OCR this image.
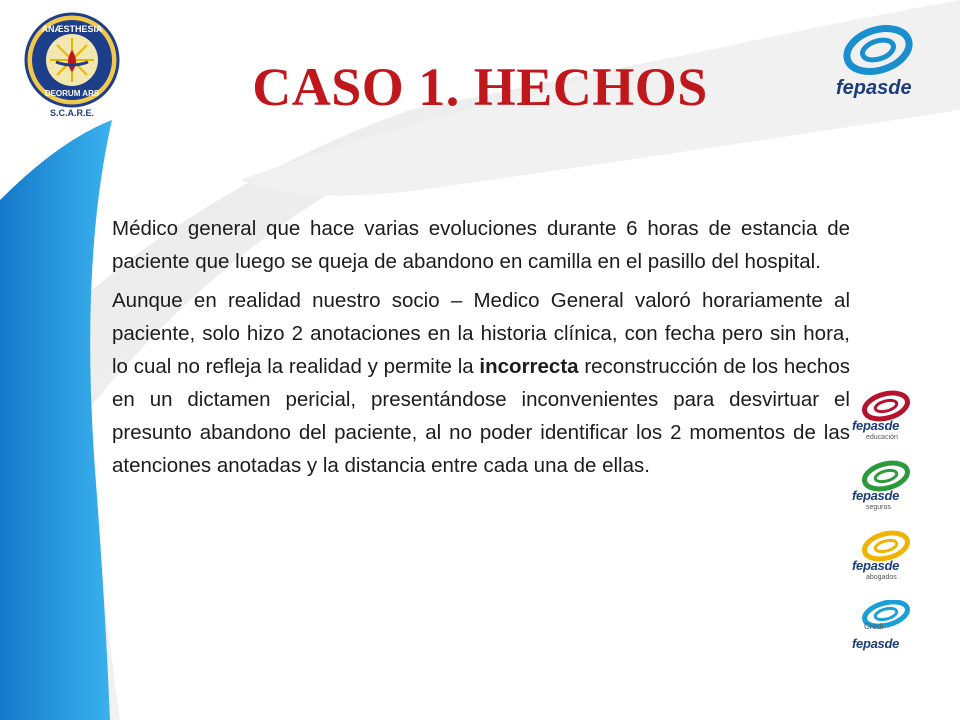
ANÆSTHESIA
DEORUM ARS
S.C.A.R.E.
fepasde
CASO 1. HECHOS

Médico general que hace varias evoluciones durante 6 horas de estancia de paciente que luego se queja de abandono en camilla en el pasillo del hospital.

Aunque en realidad nuestro socio – Medico General valoró horariamente al paciente, solo hizo 2 anotaciones en la historia clínica, con fecha pero sin hora, lo cual no refleja la realidad y permite la incorrecta reconstrucción de los hechos en un dictamen pericial, presentándose inconvenientes para desvirtuar el presunto abandono del paciente, al no poder identificar los 2 momentos de las atenciones anotadas y la distancia entre cada una de ellas.

fepasde
educación
fepasde
seguros
fepasde
abogados
Credi
fepasde
